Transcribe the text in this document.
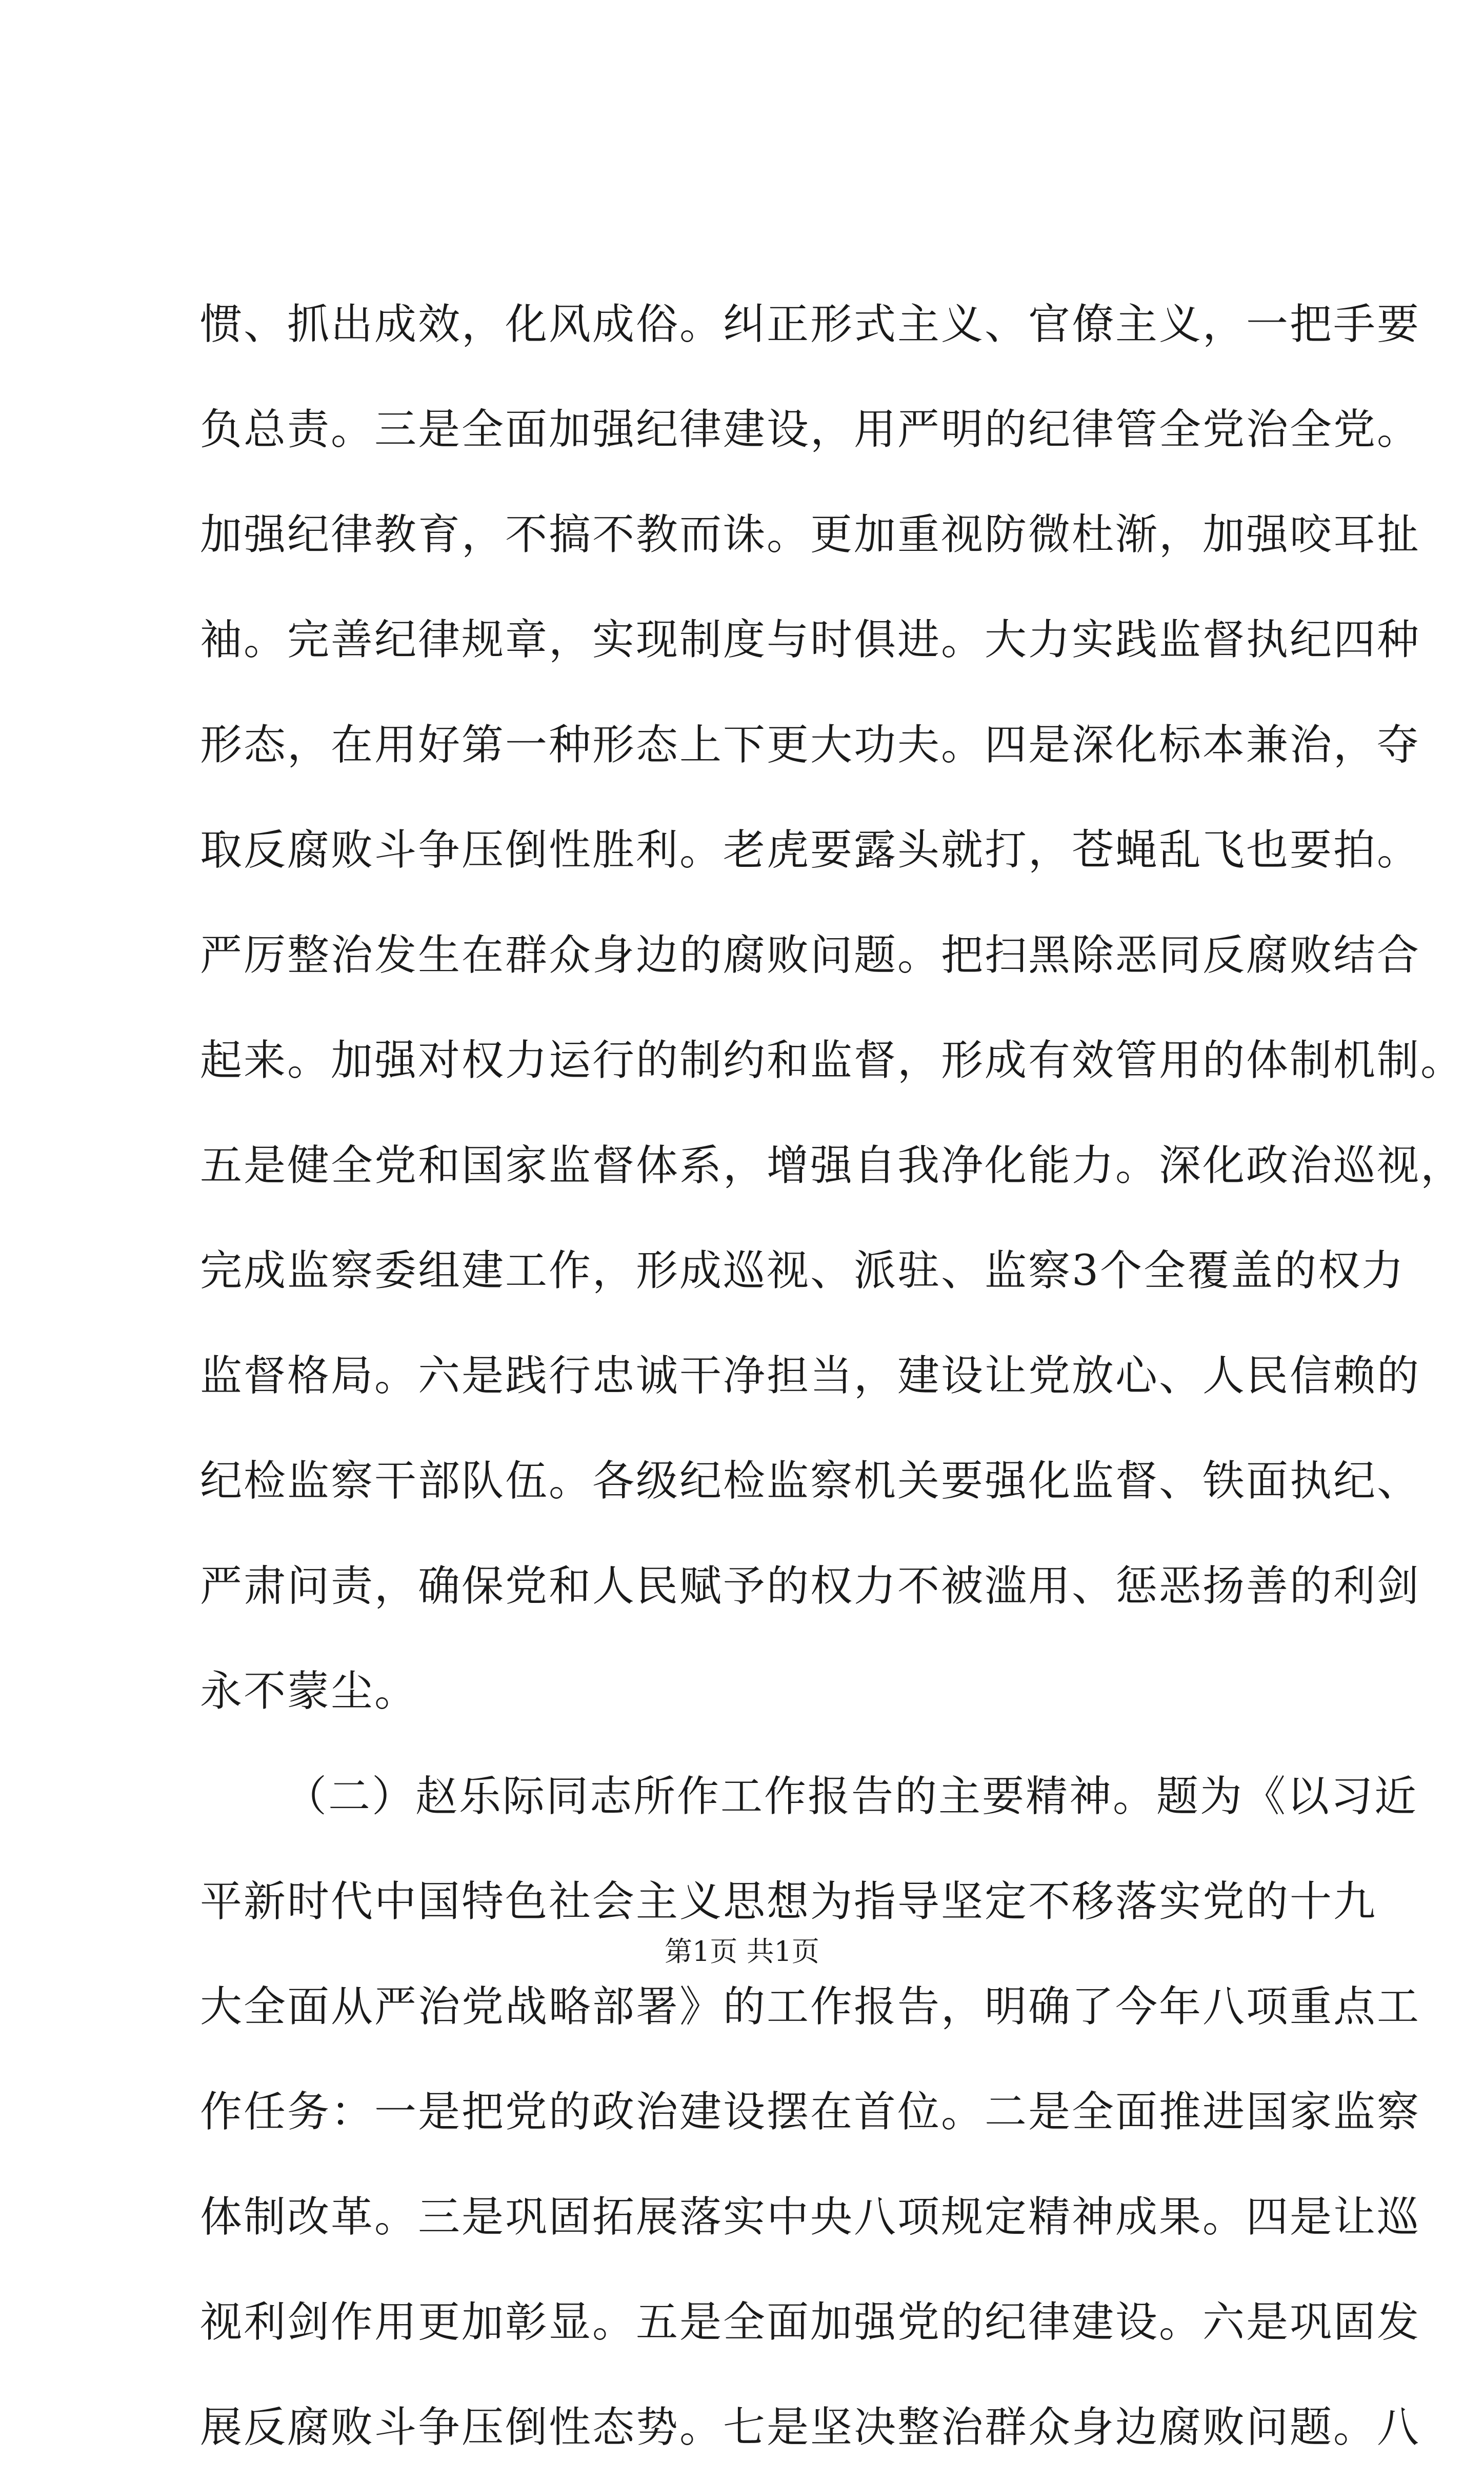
惯、抓出成效，化风成俗。纠正形式主义、官僚主义，一把手要
负总责。三是全面加强纪律建设，用严明的纪律管全党治全党。
加强纪律教育，不搞不教而诛。更加重视防微杜渐，加强咬耳扯
袖。完善纪律规章，实现制度与时俱进。大力实践监督执纪四种
形态，在用好第一种形态上下更大功夫。四是深化标本兼治，夺
取反腐败斗争压倒性胜利。老虎要露头就打，苍蝇乱飞也要拍。
严厉整治发生在群众身边的腐败问题。把扫黑除恶同反腐败结合
起来。加强对权力运行的制约和监督，形成有效管用的体制机制。
五是健全党和国家监督体系，增强自我净化能力。深化政治巡视，
完成监察委组建工作，形成巡视、派驻、监察3个全覆盖的权力
监督格局。六是践行忠诚干净担当，建设让党放心、人民信赖的
纪检监察干部队伍。各级纪检监察机关要强化监督、铁面执纪、
严肃问责，确保党和人民赋予的权力不被滥用、惩恶扬善的利剑
永不蒙尘。
（二）赵乐际同志所作工作报告的主要精神。题为《以习近
平新时代中国特色社会主义思想为指导坚定不移落实党的十九
大全面从严治党战略部署》的工作报告，明确了今年八项重点工
作任务：一是把党的政治建设摆在首位。二是全面推进国家监察
体制改革。三是巩固拓展落实中央八项规定精神成果。四是让巡
视利剑作用更加彰显。五是全面加强党的纪律建设。六是巩固发
展反腐败斗争压倒性态势。七是坚决整治群众身边腐败问题。八
第1页 共1页
